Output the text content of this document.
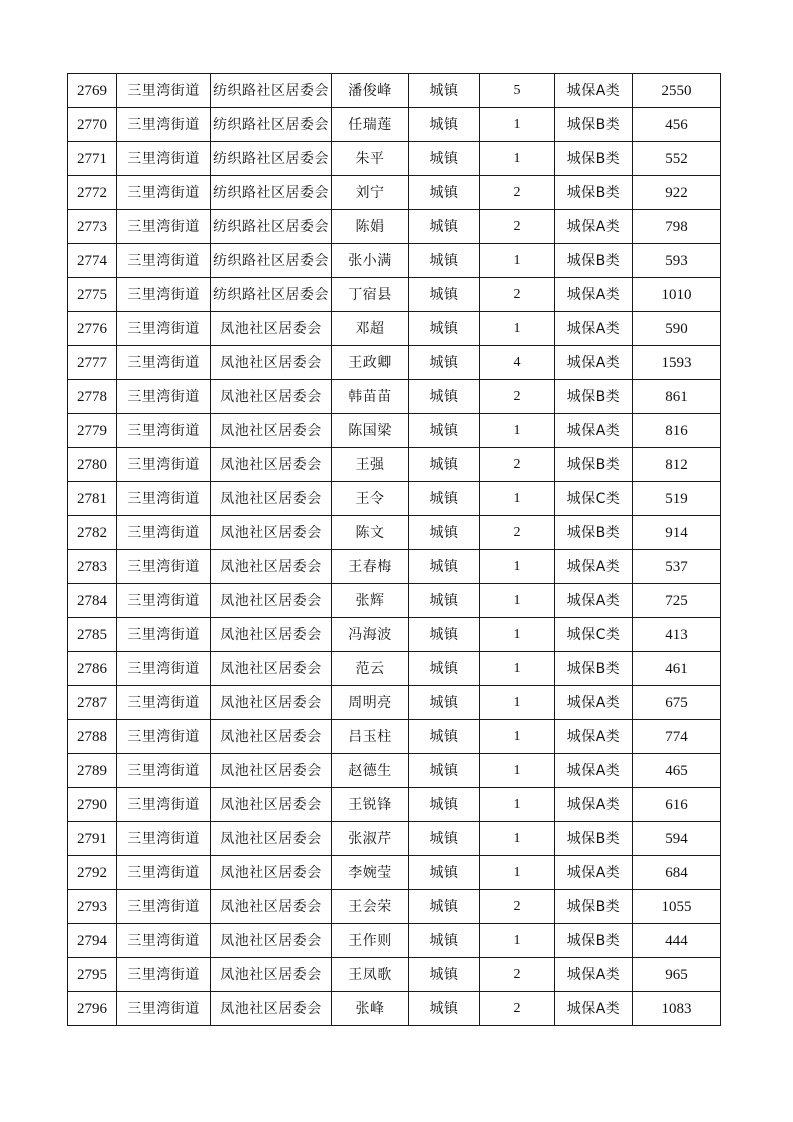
2769	三里湾街道	纺织路社区居委会	潘俊峰	城镇	5	城保A类	2550
2770	三里湾街道	纺织路社区居委会	任瑞莲	城镇	1	城保B类	456
2771	三里湾街道	纺织路社区居委会	朱平	城镇	1	城保B类	552
2772	三里湾街道	纺织路社区居委会	刘宁	城镇	2	城保B类	922
2773	三里湾街道	纺织路社区居委会	陈娟	城镇	2	城保A类	798
2774	三里湾街道	纺织路社区居委会	张小满	城镇	1	城保B类	593
2775	三里湾街道	纺织路社区居委会	丁宿县	城镇	2	城保A类	1010
2776	三里湾街道	凤池社区居委会	邓超	城镇	1	城保A类	590
2777	三里湾街道	凤池社区居委会	王政卿	城镇	4	城保A类	1593
2778	三里湾街道	凤池社区居委会	韩苗苗	城镇	2	城保B类	861
2779	三里湾街道	凤池社区居委会	陈国梁	城镇	1	城保A类	816
2780	三里湾街道	凤池社区居委会	王强	城镇	2	城保B类	812
2781	三里湾街道	凤池社区居委会	王令	城镇	1	城保C类	519
2782	三里湾街道	凤池社区居委会	陈文	城镇	2	城保B类	914
2783	三里湾街道	凤池社区居委会	王春梅	城镇	1	城保A类	537
2784	三里湾街道	凤池社区居委会	张辉	城镇	1	城保A类	725
2785	三里湾街道	凤池社区居委会	冯海波	城镇	1	城保C类	413
2786	三里湾街道	凤池社区居委会	范云	城镇	1	城保B类	461
2787	三里湾街道	凤池社区居委会	周明亮	城镇	1	城保A类	675
2788	三里湾街道	凤池社区居委会	吕玉柱	城镇	1	城保A类	774
2789	三里湾街道	凤池社区居委会	赵德生	城镇	1	城保A类	465
2790	三里湾街道	凤池社区居委会	王锐锋	城镇	1	城保A类	616
2791	三里湾街道	凤池社区居委会	张淑芹	城镇	1	城保B类	594
2792	三里湾街道	凤池社区居委会	李婉莹	城镇	1	城保A类	684
2793	三里湾街道	凤池社区居委会	王会荣	城镇	2	城保B类	1055
2794	三里湾街道	凤池社区居委会	王作则	城镇	1	城保B类	444
2795	三里湾街道	凤池社区居委会	王凤歌	城镇	2	城保A类	965
2796	三里湾街道	凤池社区居委会	张峰	城镇	2	城保A类	1083
